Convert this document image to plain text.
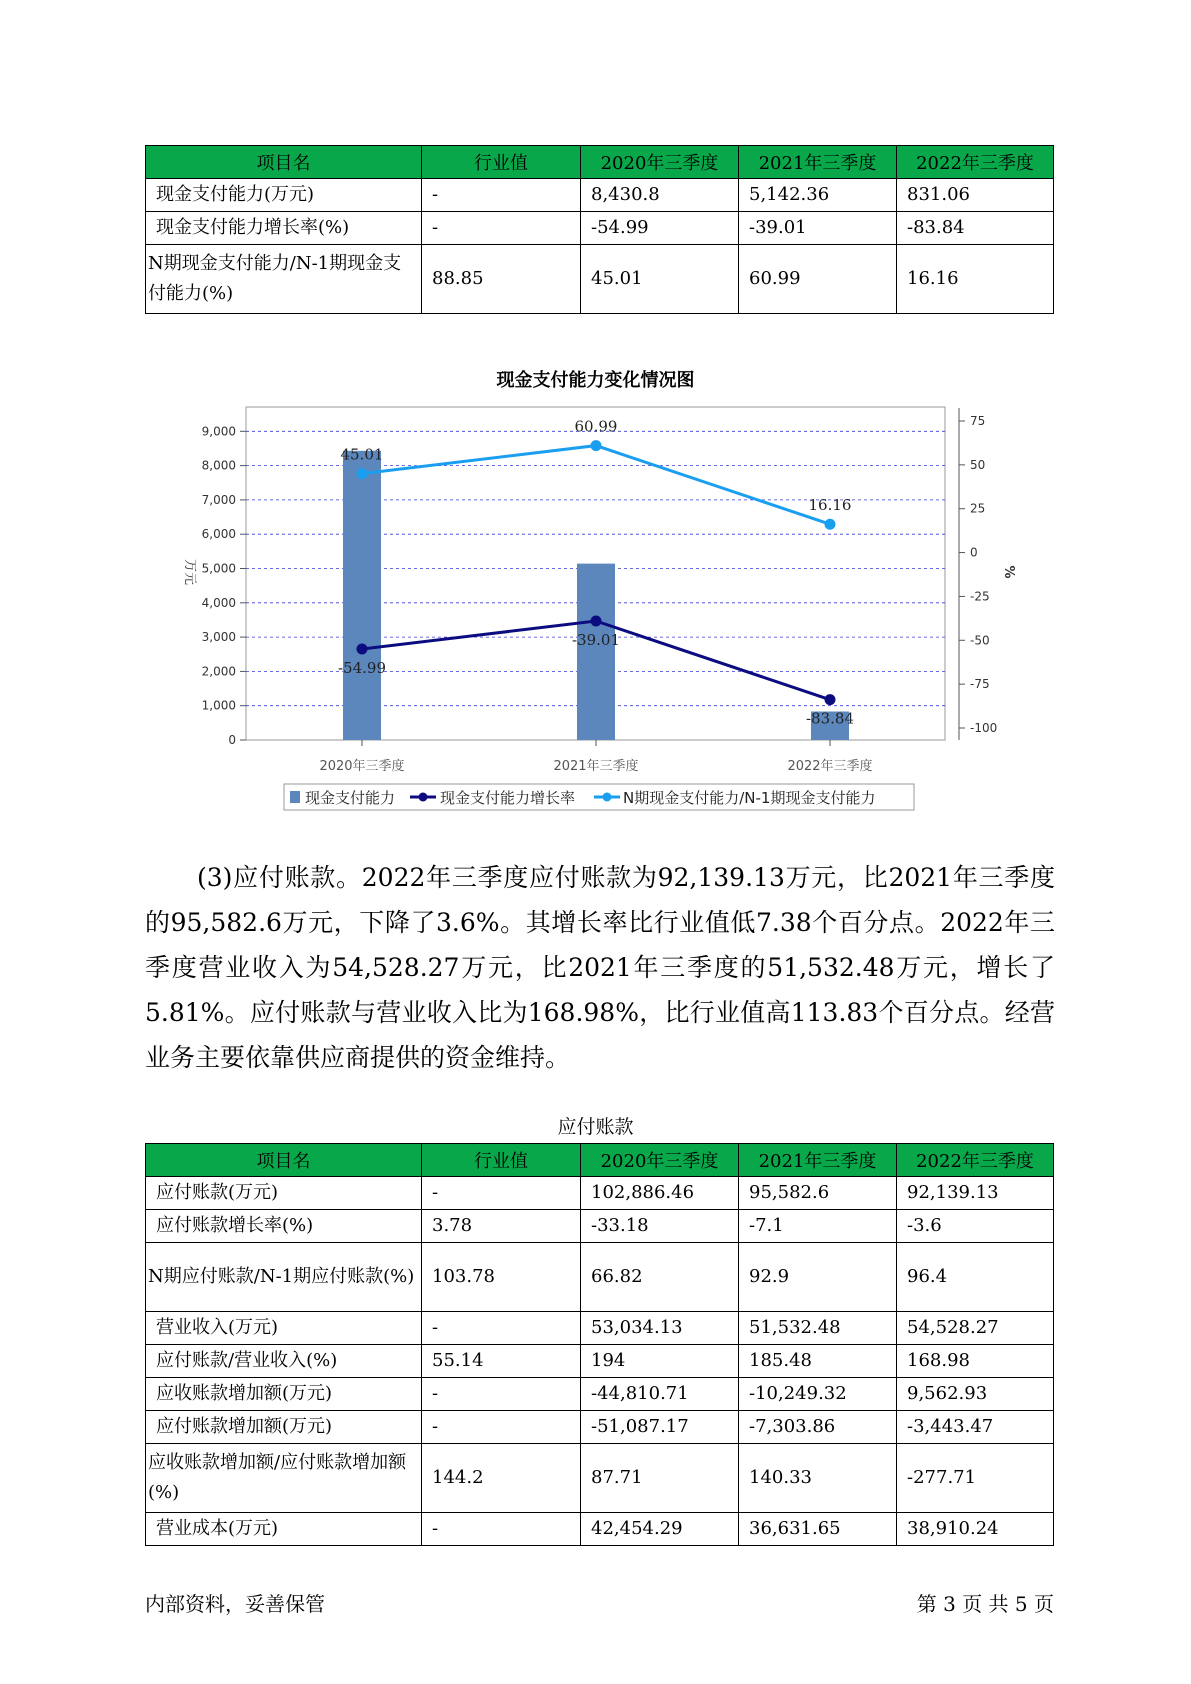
项目名	行业值	2020年三季度	2021年三季度	2022年三季度
现金支付能力(万元)	-	8,430.8	5,142.36	831.06
现金支付能力增长率(%)	-	-54.99	-39.01	-83.84
N期现金支付能力/N-1期现金支付能力(%)	88.85	45.01	60.99	16.16
现金支付能力变化情况图
0
1,000
2,000
3,000
4,000
5,000
6,000
7,000
8,000
9,000
-100
-75
-50
-25
0
25
50
75
万元	%
2020年三季度	2021年三季度	2022年三季度
-54.99
-39.01
-83.84
45.01
60.99
16.16
现金支付能力	现金支付能力增长率	N期现金支付能力/N-1期现金支付能力
(3)应付账款。2022年三季度应付账款为92,139.13万元，比2021年三季度的95,582.6万元，下降了3.6%。其增长率比行业值低7.38个百分点。2022年三季度营业收入为54,528.27万元，比2021年三季度的51,532.48万元，增长了5.81%。应付账款与营业收入比为168.98%，比行业值高113.83个百分点。经营业务主要依靠供应商提供的资金维持。
应付账款
项目名	行业值	2020年三季度	2021年三季度	2022年三季度
应付账款(万元)	-	102,886.46	95,582.6	92,139.13
应付账款增长率(%)	3.78	-33.18	-7.1	-3.6
N期应付账款/N-1期应付账款(%)	103.78	66.82	92.9	96.4
营业收入(万元)	-	53,034.13	51,532.48	54,528.27
应付账款/营业收入(%)	55.14	194	185.48	168.98
应收账款增加额(万元)	-	-44,810.71	-10,249.32	9,562.93
应付账款增加额(万元)	-	-51,087.17	-7,303.86	-3,443.47
应收账款增加额/应付账款增加额(%)	144.2	87.71	140.33	-277.71
营业成本(万元)	-	42,454.29	36,631.65	38,910.24
内部资料，妥善保管	第 3 页 共 5 页
